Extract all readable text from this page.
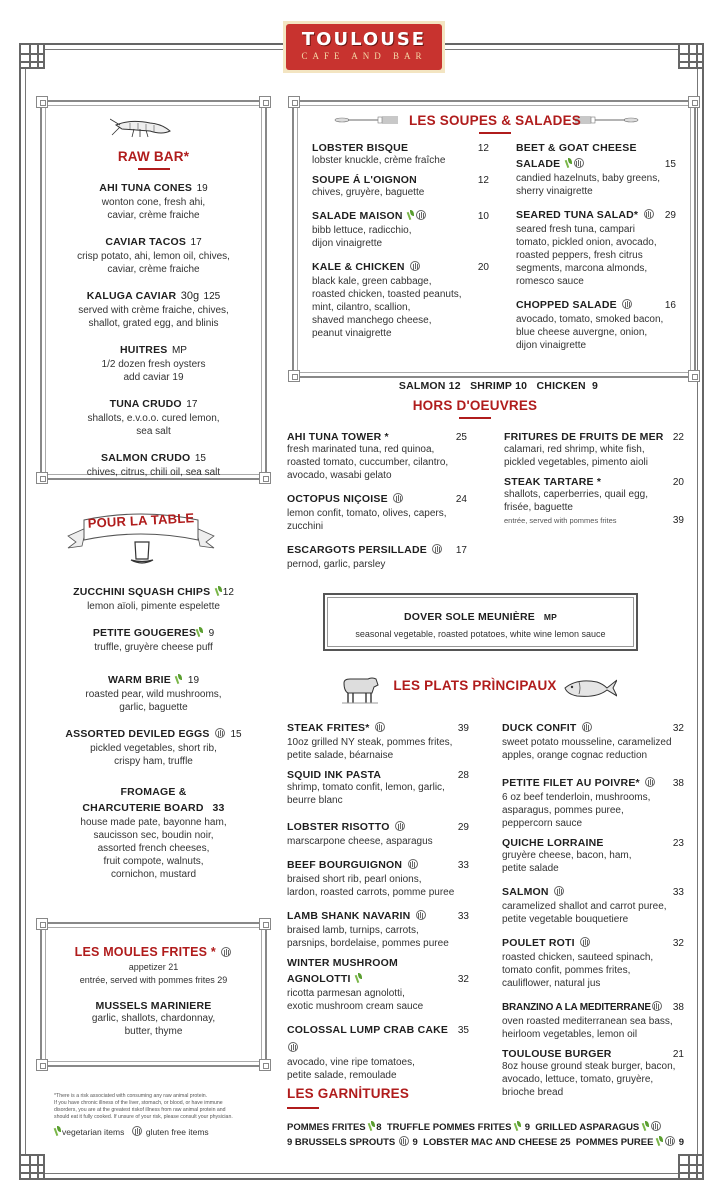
TOULOUSE
CAFE AND BAR
RAW BAR*
AHI TUNA CONES 19
wonton cone, fresh ahi,
caviar, crème fraiche
CAVIAR TACOS 17
crisp potato, ahi, lemon oil, chives,
caviar, crème fraiche
KALUGA CAVIAR 30g 125
served with crème fraiche, chives,
shallot, grated egg, and blinis
HUITRES MP
1/2 dozen fresh oysters
add caviar 19
TUNA CRUDO 17
shallots, e.v.o.o. cured lemon,
sea salt
SALMON CRUDO 15
chives, citrus, chili oil, sea salt
POUR LA TABLE
ZUCCHINI SQUASH CHIPS 12
lemon aïoli, pimente espelette
PETITE GOUGERES 9
truffle, gruyère cheese puff
WARM BRIE 19
roasted pear, wild mushrooms,
garlic, baguette
ASSORTED DEVILED EGGS 15
pickled vegetables, short rib,
crispy ham, truffle
FROMAGE &
CHARCUTERIE BOARD 33
house made pate, bayonne ham,
saucisson sec, boudin noir,
assorted french cheeses,
fruit compote, walnuts,
cornichon, mustard
LES MOULES FRITES *
appetizer 21
entrée, served with pommes frites 29
MUSSELS MARINIERE
garlic, shallots, chardonnay,
butter, thyme
*There is a risk associated with consuming any raw animal protein.
If you have chronic illness of the liver, stomach, or blood, or have immune
disorders, you are at the greatest riskof illness from raw animal protein and
should eat it fully cooked. If unsure of your risk, please consult your physician.
vegetarian items	gluten free items
LES SOUPES & SALADES
LOBSTER BISQUE	12
lobster knuckle, crème fraîche
SOUPE Á L'OIGNON	12
chives, gruyère, baguette
SALADE MAISON	10
bibb lettuce, radicchio,
dijon vinaigrette
KALE & CHICKEN	20
black kale, green cabbage,
roasted chicken, toasted peanuts,
mint, cilantro, scallion,
shaved manchego cheese,
peanut vinaigrette
BEET & GOAT CHEESE
SALADE	15
candied hazelnuts, baby greens,
sherry vinaigrette
SEARED TUNA SALAD*	29
seared fresh tuna, campari
tomato, pickled onion, avocado,
roasted peppers, fresh citrus
segments, marcona almonds,
romesco sauce
CHOPPED SALADE	16
avocado, tomato, smoked bacon,
blue cheese auvergne, onion,
dijon vinaigrette

SALMON 12   SHRIMP 10   CHICKEN  9

HORS D'OEUVRES
AHI TUNA TOWER *	25
fresh marinated tuna, red quinoa,
roasted tomato, cuccumber, cilantro,
avocado, wasabi gelato
OCTOPUS NIÇOISE	24
lemon confit, tomato, olives, capers,
zucchini
ESCARGOTS PERSILLADE	17
pernod, garlic, parsley
FRITURES DE FRUITS DE MER 22
calamari, red shrimp, white fish,
pickled vegetables, pimento aioli
STEAK TARTARE *	20
shallots, caperberries, quail egg,
frisée, baguette
entrée, served with pommes frites	39
DOVER SOLE MEUNIÈRE MP
seasonal vegetable, roasted potatoes, white wine lemon sauce
LES PLATS PRÌNCIPAUX
STEAK FRITES*	39
10oz grilled NY steak, pommes frites,
petite salade, béarnaise
SQUID INK PASTA	28
shrimp, tomato confit, lemon, garlic,
beurre blanc
LOBSTER RISOTTO	29
marscarpone cheese, asparagus
BEEF BOURGUIGNON	33
braised short rib, pearl onions,
lardon, roasted carrots, pomme puree
LAMB SHANK NAVARIN	33
braised lamb, turnips, carrots,
parsnips, bordelaise, pommes puree
WINTER MUSHROOM
AGNOLOTTI	32
ricotta parmesan agnolotti,
exotic mushroom cream sauce
COLOSSAL LUMP CRAB CAKE 35
avocado, vine ripe tomatoes,
petite salade, remoulade
DUCK CONFIT	32
sweet potato mousseline, caramelized
apples, orange cognac reduction
PETITE FILET AU POIVRE*	38
6 oz beef tenderloin, mushrooms,
asparagus, pommes puree,
peppercorn sauce
QUICHE LORRAINE	23
gruyère cheese, bacon, ham,
petite salade
SALMON	33
caramelized shallot and carrot puree,
petite vegetable bouquetiere
POULET ROTI	32
roasted chicken, sauteed spinach,
tomato confit, pommes frites,
cauliflower, natural jus
BRANZINO A LA MEDITERRANE	38
oven roasted mediterranean sea bass,
heirloom vegetables, lemon oil
TOULOUSE BURGER	21
8oz house ground steak burger, bacon,
avocado, lettuce, tomato, gruyère,
brioche bread
LES GARNİTURES
POMMES FRITES 8 TRUFFLE POMMES FRITES 9 GRILLED ASPARAGUS
9 BRUSSELS SPROUTS 9 LOBSTER MAC AND CHEESE 25 POMMES PUREE	9
